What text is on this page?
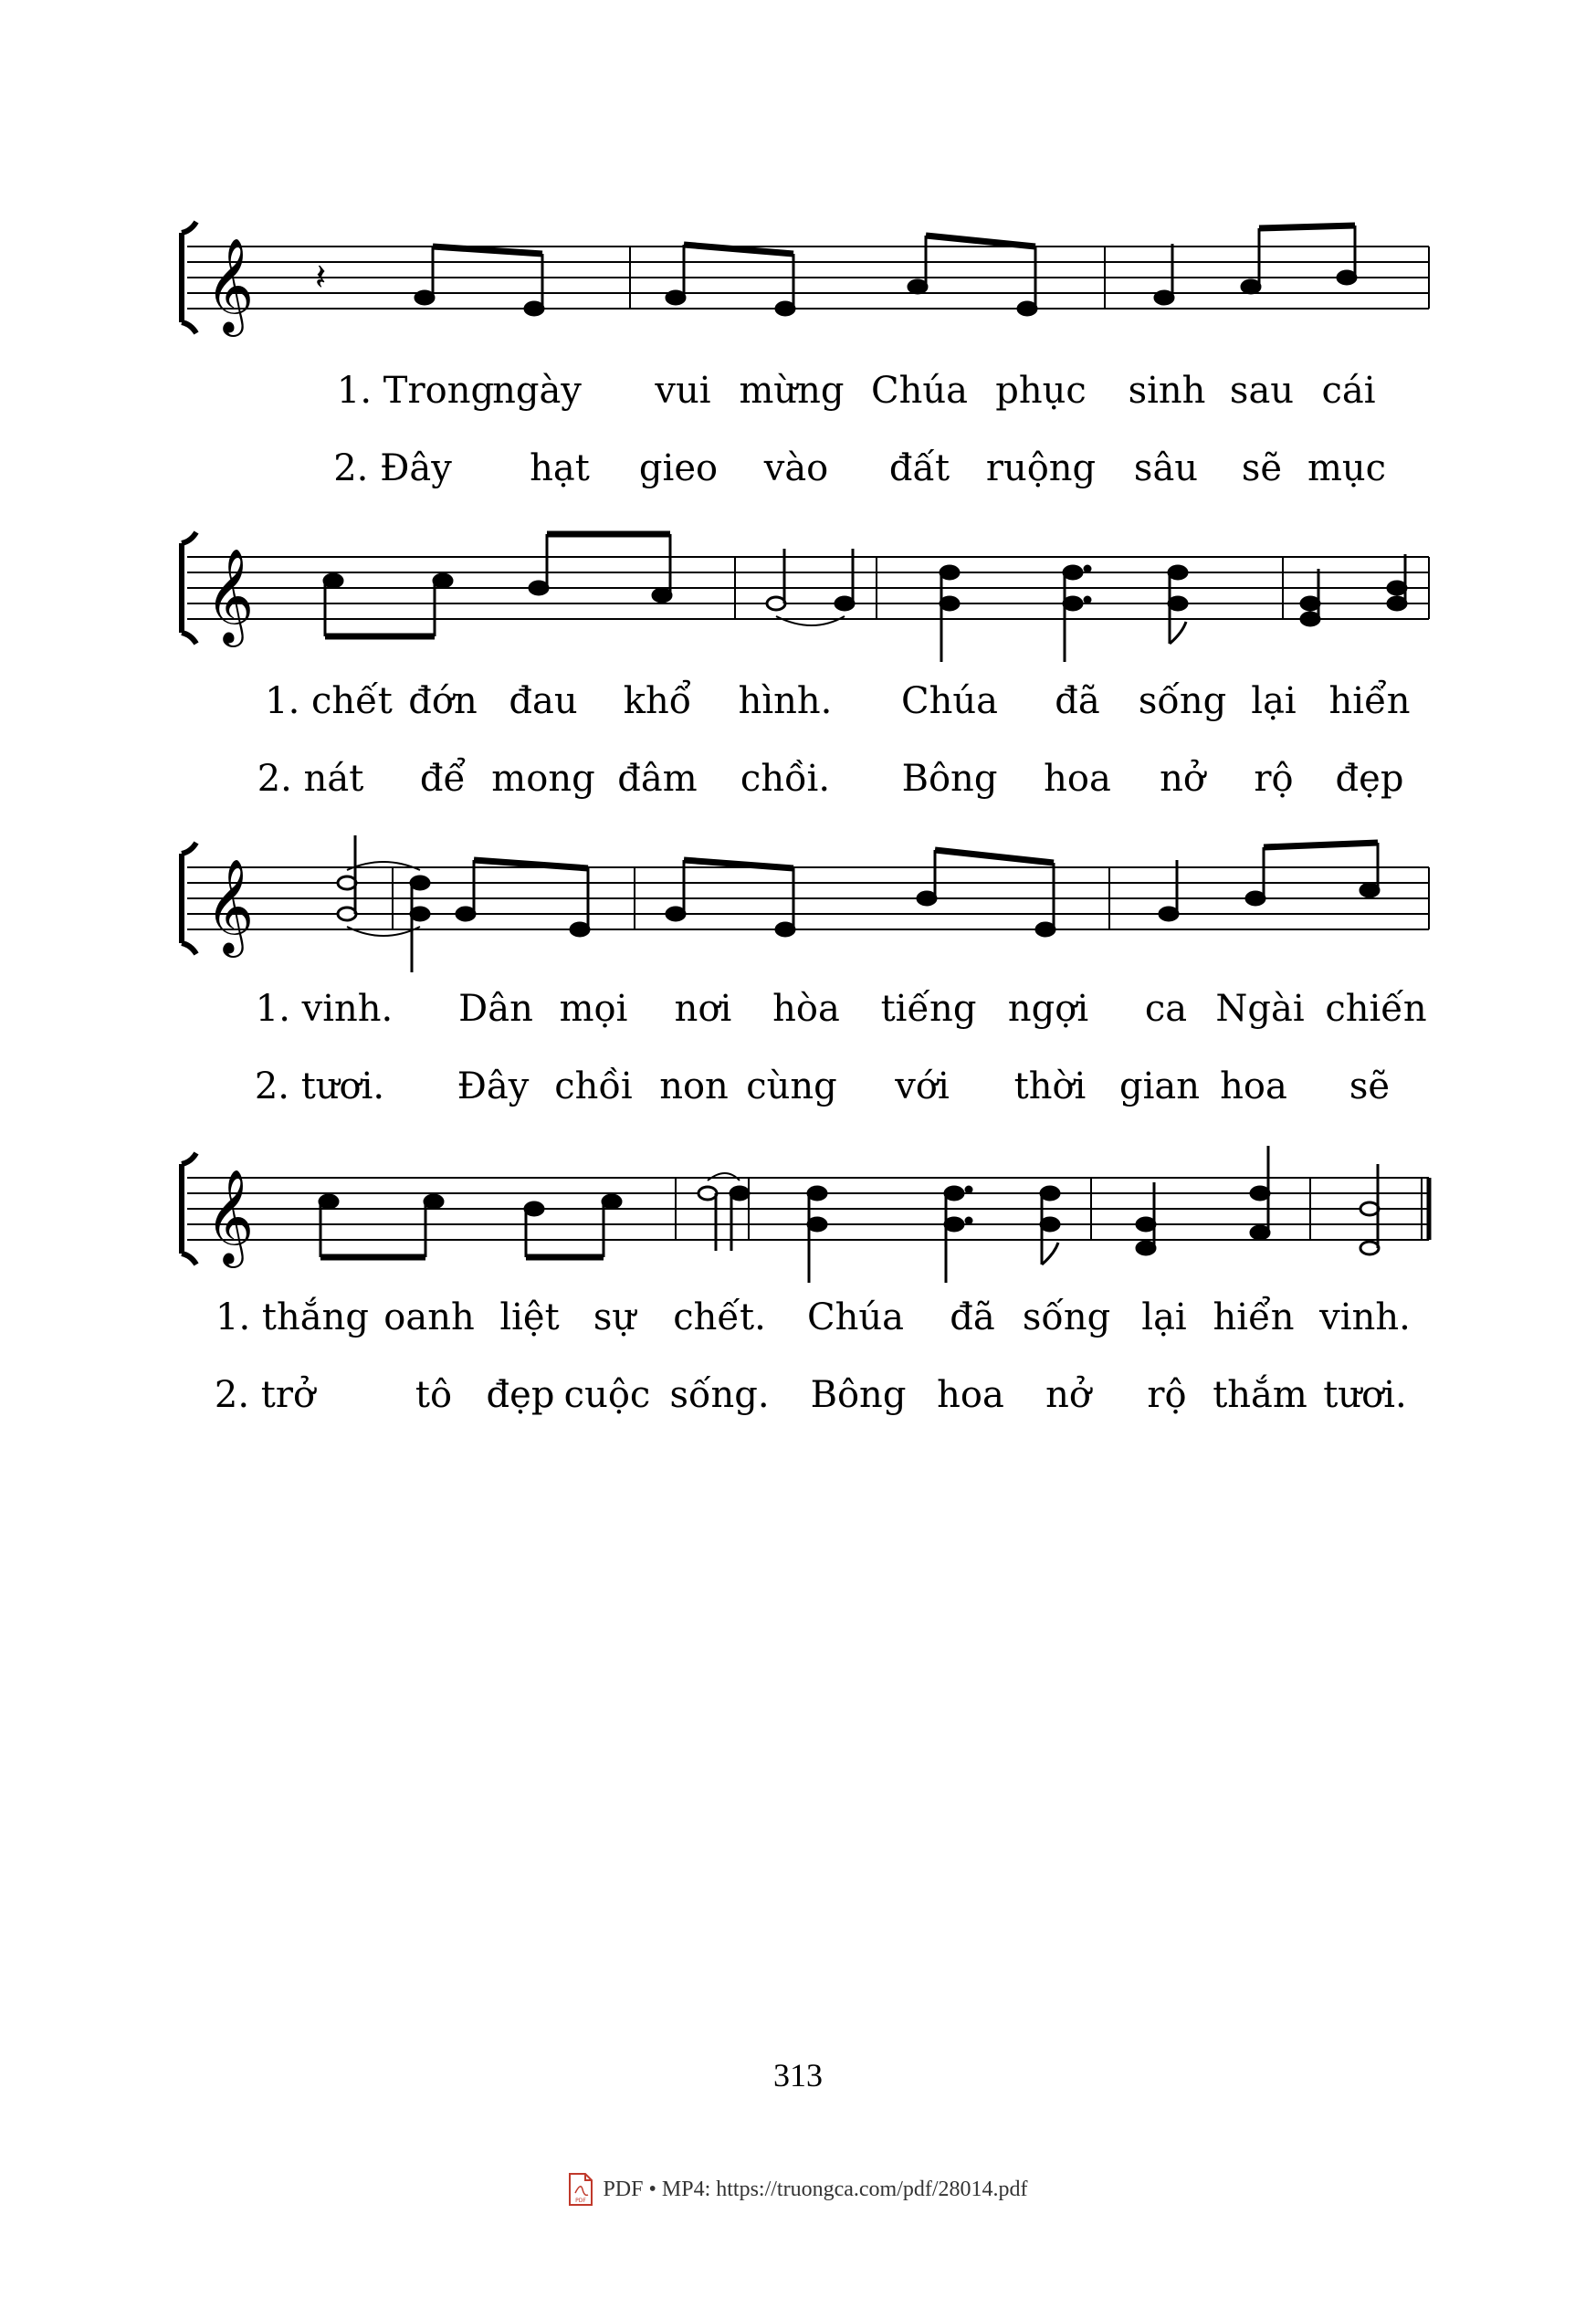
𝄞 𝄽
1. Trong
ngày vui mừng Chúa phục sinh sau cái
2. Đây hạt gieo vào đất ruộng sâu sẽ mục
𝄞
1. chết đớn đau khổ hình. Chúa đã sống lại hiển
2. nát để mong đâm chồi. Bông hoa nở rộ đẹp
𝄞
1. vinh. Dân mọi nơi hòa tiếng ngợi ca Ngài chiến
2. tươi. Đây chồi non cùng với thời gian hoa sẽ
𝄞
1. thắng oanh liệt sự chết. Chúa đã sống lại hiển vinh.
2. trở	tô đẹp cuộc sống. Bông hoa nở rộ thắm tươi.
313
PDF PDF • MP4: https://truongca.com/pdf/28014.pdf
